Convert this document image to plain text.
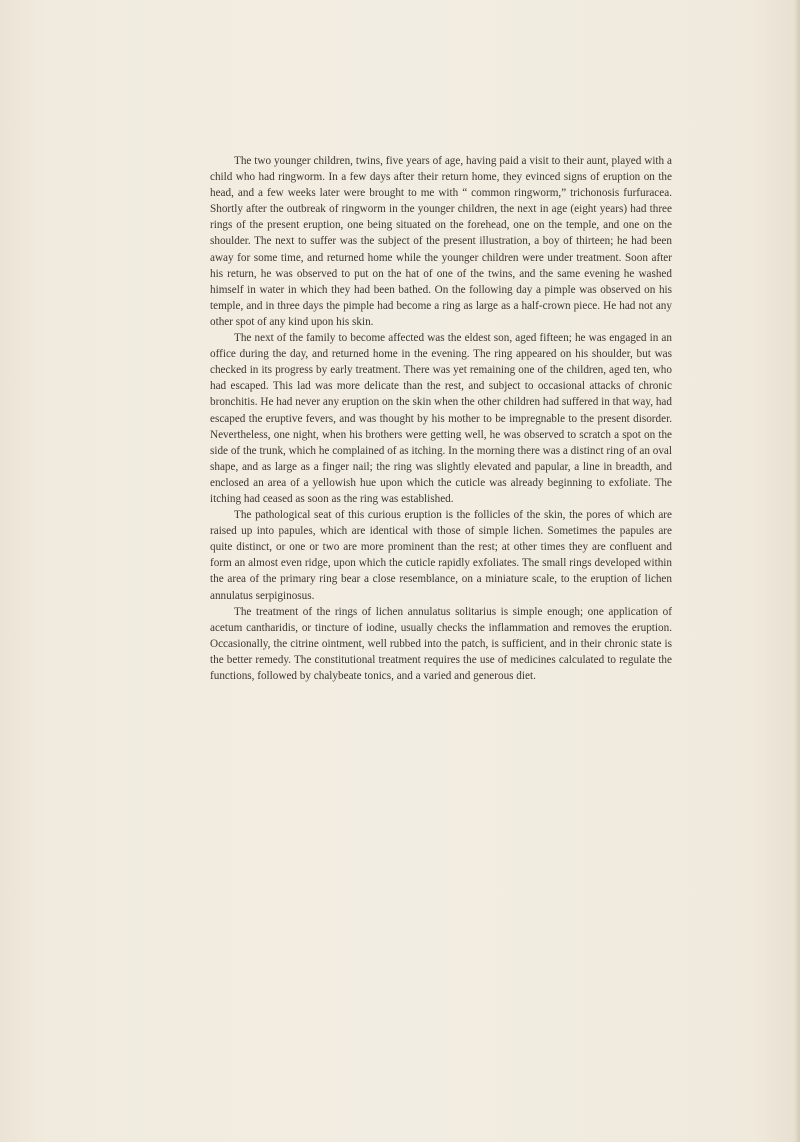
The two younger children, twins, five years of age, having paid a visit to their aunt, played with a child who had ringworm. In a few days after their return home, they evinced signs of eruption on the head, and a few weeks later were brought to me with “ common ringworm,” trichonosis furfuracea. Shortly after the outbreak of ringworm in the younger children, the next in age (eight years) had three rings of the present eruption, one being situated on the forehead, one on the temple, and one on the shoulder. The next to suffer was the subject of the present illustration, a boy of thirteen; he had been away for some time, and returned home while the younger children were under treatment. Soon after his return, he was observed to put on the hat of one of the twins, and the same evening he washed himself in water in which they had been bathed. On the following day a pimple was observed on his temple, and in three days the pimple had become a ring as large as a half-crown piece. He had not any other spot of any kind upon his skin.

The next of the family to become affected was the eldest son, aged fifteen; he was engaged in an office during the day, and returned home in the evening. The ring appeared on his shoulder, but was checked in its progress by early treatment. There was yet remaining one of the children, aged ten, who had escaped. This lad was more delicate than the rest, and subject to occasional attacks of chronic bronchitis. He had never any eruption on the skin when the other children had suffered in that way, had escaped the eruptive fevers, and was thought by his mother to be impregnable to the present disorder. Nevertheless, one night, when his brothers were getting well, he was observed to scratch a spot on the side of the trunk, which he complained of as itching. In the morning there was a distinct ring of an oval shape, and as large as a finger nail; the ring was slightly elevated and papular, a line in breadth, and enclosed an area of a yellowish hue upon which the cuticle was already beginning to exfoliate. The itching had ceased as soon as the ring was established.

The pathological seat of this curious eruption is the follicles of the skin, the pores of which are raised up into papules, which are identical with those of simple lichen. Sometimes the papules are quite distinct, or one or two are more prominent than the rest; at other times they are confluent and form an almost even ridge, upon which the cuticle rapidly exfoliates. The small rings developed within the area of the primary ring bear a close resemblance, on a miniature scale, to the eruption of lichen annulatus serpiginosus.

The treatment of the rings of lichen annulatus solitarius is simple enough; one application of acetum cantharidis, or tincture of iodine, usually checks the inflammation and removes the eruption. Occasionally, the citrine ointment, well rubbed into the patch, is sufficient, and in their chronic state is the better remedy. The constitutional treatment requires the use of medicines calculated to regulate the functions, followed by chalybeate tonics, and a varied and generous diet.
